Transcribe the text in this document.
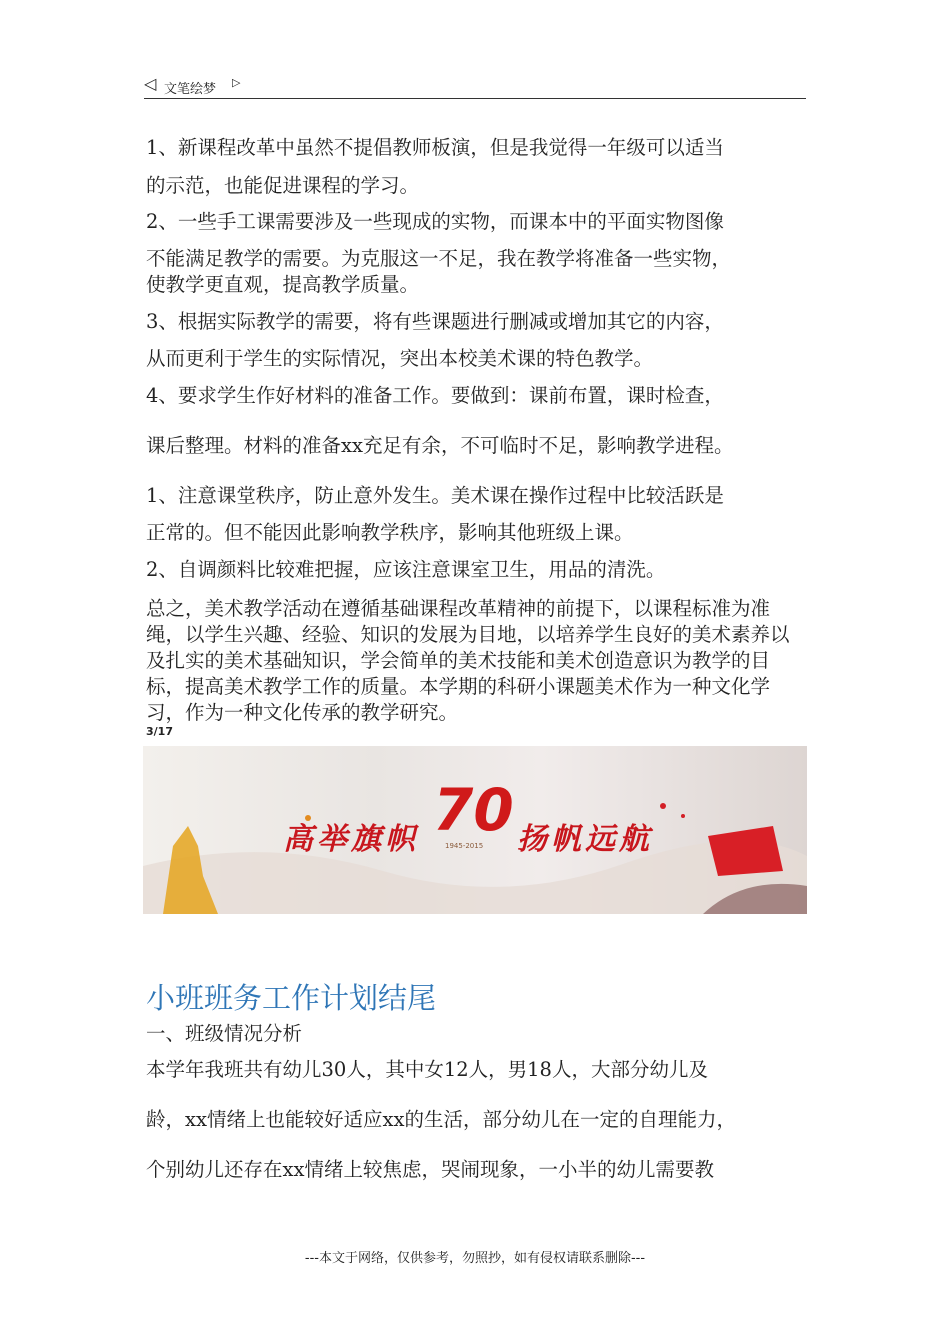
◁ 文笔绘梦 ▷
1、新课程改革中虽然不提倡教师板演，但是我觉得一年级可以适当
的示范，也能促进课程的学习。
2、一些手工课需要涉及一些现成的实物，而课本中的平面实物图像
不能满足教学的需要。为克服这一不足，我在教学将准备一些实物，
使教学更直观，提高教学质量。
3、根据实际教学的需要，将有些课题进行删减或增加其它的内容，
从而更利于学生的实际情况，突出本校美术课的特色教学。
4、要求学生作好材料的准备工作。要做到：课前布置，课时检查，
课后整理。材料的准备xx充足有余，不可临时不足，影响教学进程。
1、注意课堂秩序，防止意外发生。美术课在操作过程中比较活跃是
正常的。但不能因此影响教学秩序，影响其他班级上课。
2、自调颜料比较难把握，应该注意课室卫生，用品的清洗。
总之，美术教学活动在遵循基础课程改革精神的前提下，以课程标准为准绳，以学生兴趣、经验、知识的发展为目地，以培养学生良好的美术素养以及扎实的美术基础知识，学会简单的美术技能和美术创造意识为教学的目标，提高美术教学工作的质量。本学期的科研小课题美术作为一种文化学习，作为一种文化传承的教学研究。
3/17
高举旗帜 70
1945-2015 扬帆远航
小班班务工作计划结尾
一、班级情况分析
本学年我班共有幼儿30人，其中女12人，男18人，大部分幼儿及
龄，xx情绪上也能较好适应xx的生活，部分幼儿在一定的自理能力，
个别幼儿还存在xx情绪上较焦虑，哭闹现象，一小半的幼儿需要教
---本文于网络，仅供参考，勿照抄，如有侵权请联系删除---
